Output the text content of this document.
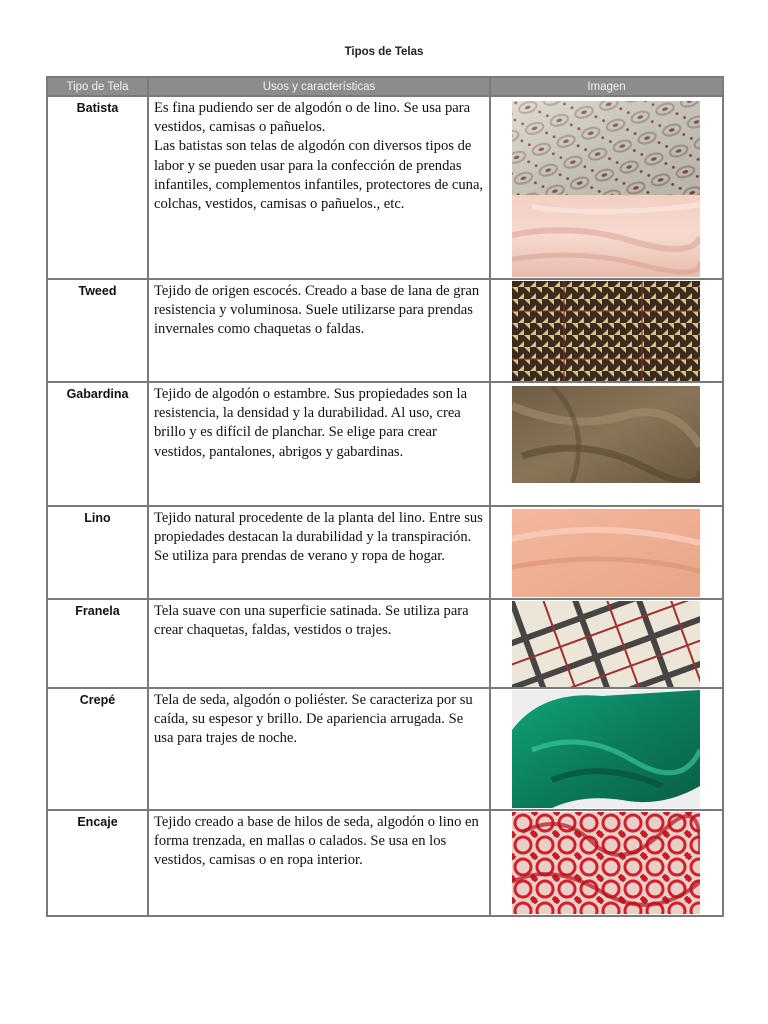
Tipos de Telas
Tipo de Tela	Usos y características	Imagen
Batista	Es fina pudiendo ser de algodón o de lino. Se usa para vestidos, camisas o pañuelos.
Las batistas son telas de algodón con diversos tipos de labor y se pueden usar para la confección de prendas infantiles, complementos infantiles, protectores de cuna, colchas, vestidos, camisas o pañuelos., etc.	

Tweed	Tejido de origen escocés. Creado a base de lana de gran resistencia y voluminosa. Suele utilizarse para prendas invernales como chaquetas o faldas.	

Gabardina	Tejido de algodón o estambre. Sus propiedades son la resistencia, la densidad y la durabilidad. Al uso, crea brillo y es difícil de planchar. Se elige para crear vestidos, pantalones, abrigos y gabardinas.	

Lino	Tejido natural procedente de la planta del lino. Entre sus propiedades destacan la durabilidad y la transpiración. Se utiliza para prendas de verano y ropa de hogar.	

Franela	Tela suave con una superficie satinada. Se utiliza para crear chaquetas, faldas, vestidos o trajes.	

Crepé	Tela de seda, algodón o poliéster. Se caracteriza por su caída, su espesor y brillo. De apariencia arrugada. Se usa para trajes de noche.	

Encaje	Tejido creado a base de hilos de seda, algodón o lino en forma trenzada, en mallas o calados. Se usa en los vestidos, camisas o en ropa interior.	
